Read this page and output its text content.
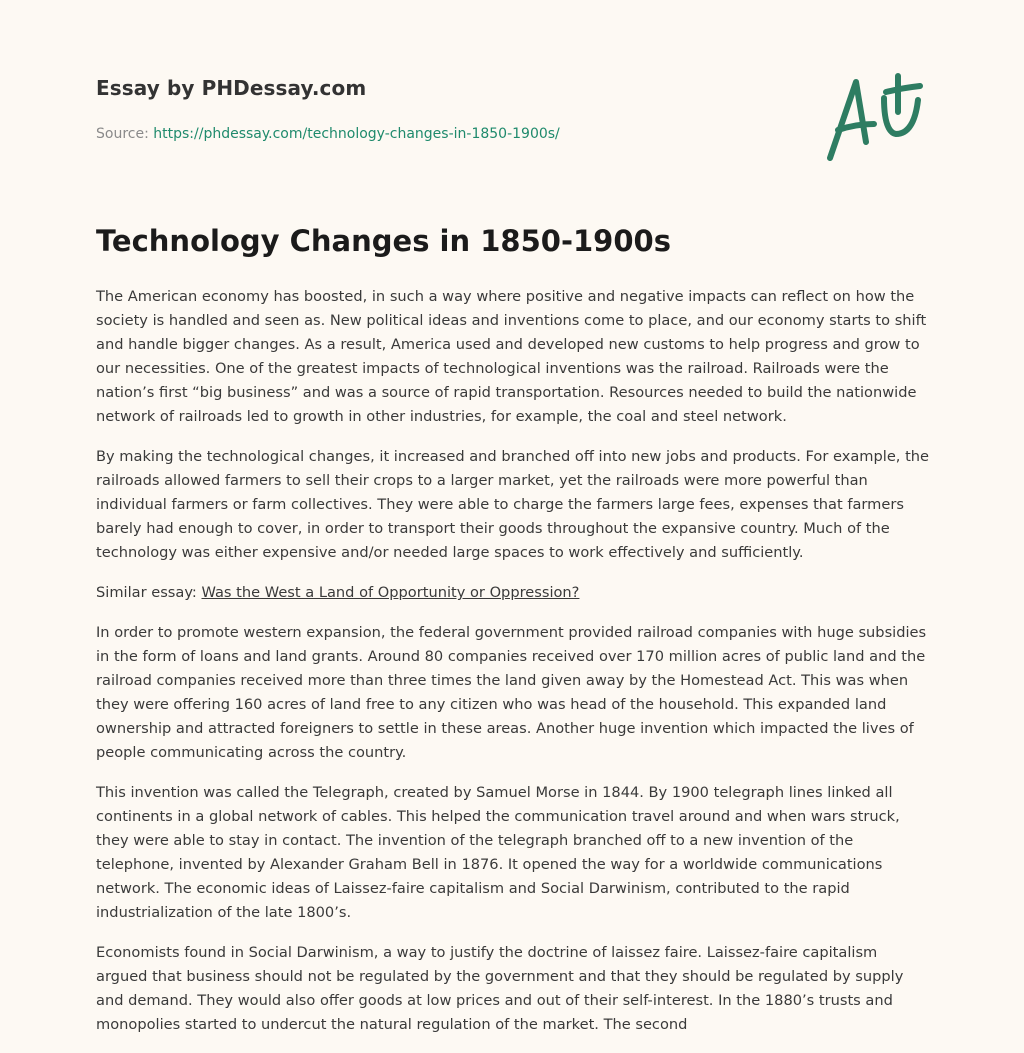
Essay by PHDessay.com
Source: https://phdessay.com/technology-changes-in-1850-1900s/
Technology Changes in 1850-1900s

The American economy has boosted, in such a way where positive and negative impacts can reflect on how the society is handled and seen as. New political ideas and inventions come to place, and our economy starts to shift and handle bigger changes. As a result, America used and developed new customs to help progress and grow to our necessities. One of the greatest impacts of technological inventions was the railroad. Railroads were the nation’s first “big business” and was a source of rapid transportation. Resources needed to build the nationwide network of railroads led to growth in other industries, for example, the coal and steel network.

By making the technological changes, it increased and branched off into new jobs and products. For example, the railroads allowed farmers to sell their crops to a larger market, yet the railroads were more powerful than individual farmers or farm collectives. They were able to charge the farmers large fees, expenses that farmers barely had enough to cover, in order to transport their goods throughout the expansive country. Much of the technology was either expensive and/or needed large spaces to work effectively and sufficiently.

Similar essay: Was the West a Land of Opportunity or Oppression?

In order to promote western expansion, the federal government provided railroad companies with huge subsidies in the form of loans and land grants. Around 80 companies received over 170 million acres of public land and the railroad companies received more than three times the land given away by the Homestead Act. This was when they were offering 160 acres of land free to any citizen who was head of the household. This expanded land ownership and attracted foreigners to settle in these areas. Another huge invention which impacted the lives of people communicating across the country.

This invention was called the Telegraph, created by Samuel Morse in 1844. By 1900 telegraph lines linked all continents in a global network of cables. This helped the communication travel around and when wars struck, they were able to stay in contact. The invention of the telegraph branched off to a new invention of the telephone, invented by Alexander Graham Bell in 1876. It opened the way for a worldwide communications network. The economic ideas of Laissez-faire capitalism and Social Darwinism, contributed to the rapid industrialization of the late 1800’s.

Economists found in Social Darwinism, a way to justify the doctrine of laissez faire. Laissez-faire capitalism argued that business should not be regulated by the government and that they should be regulated by supply and demand. They would also offer goods at low prices and out of their self-interest. In the 1880’s trusts and monopolies started to undercut the natural regulation of the market. The second
